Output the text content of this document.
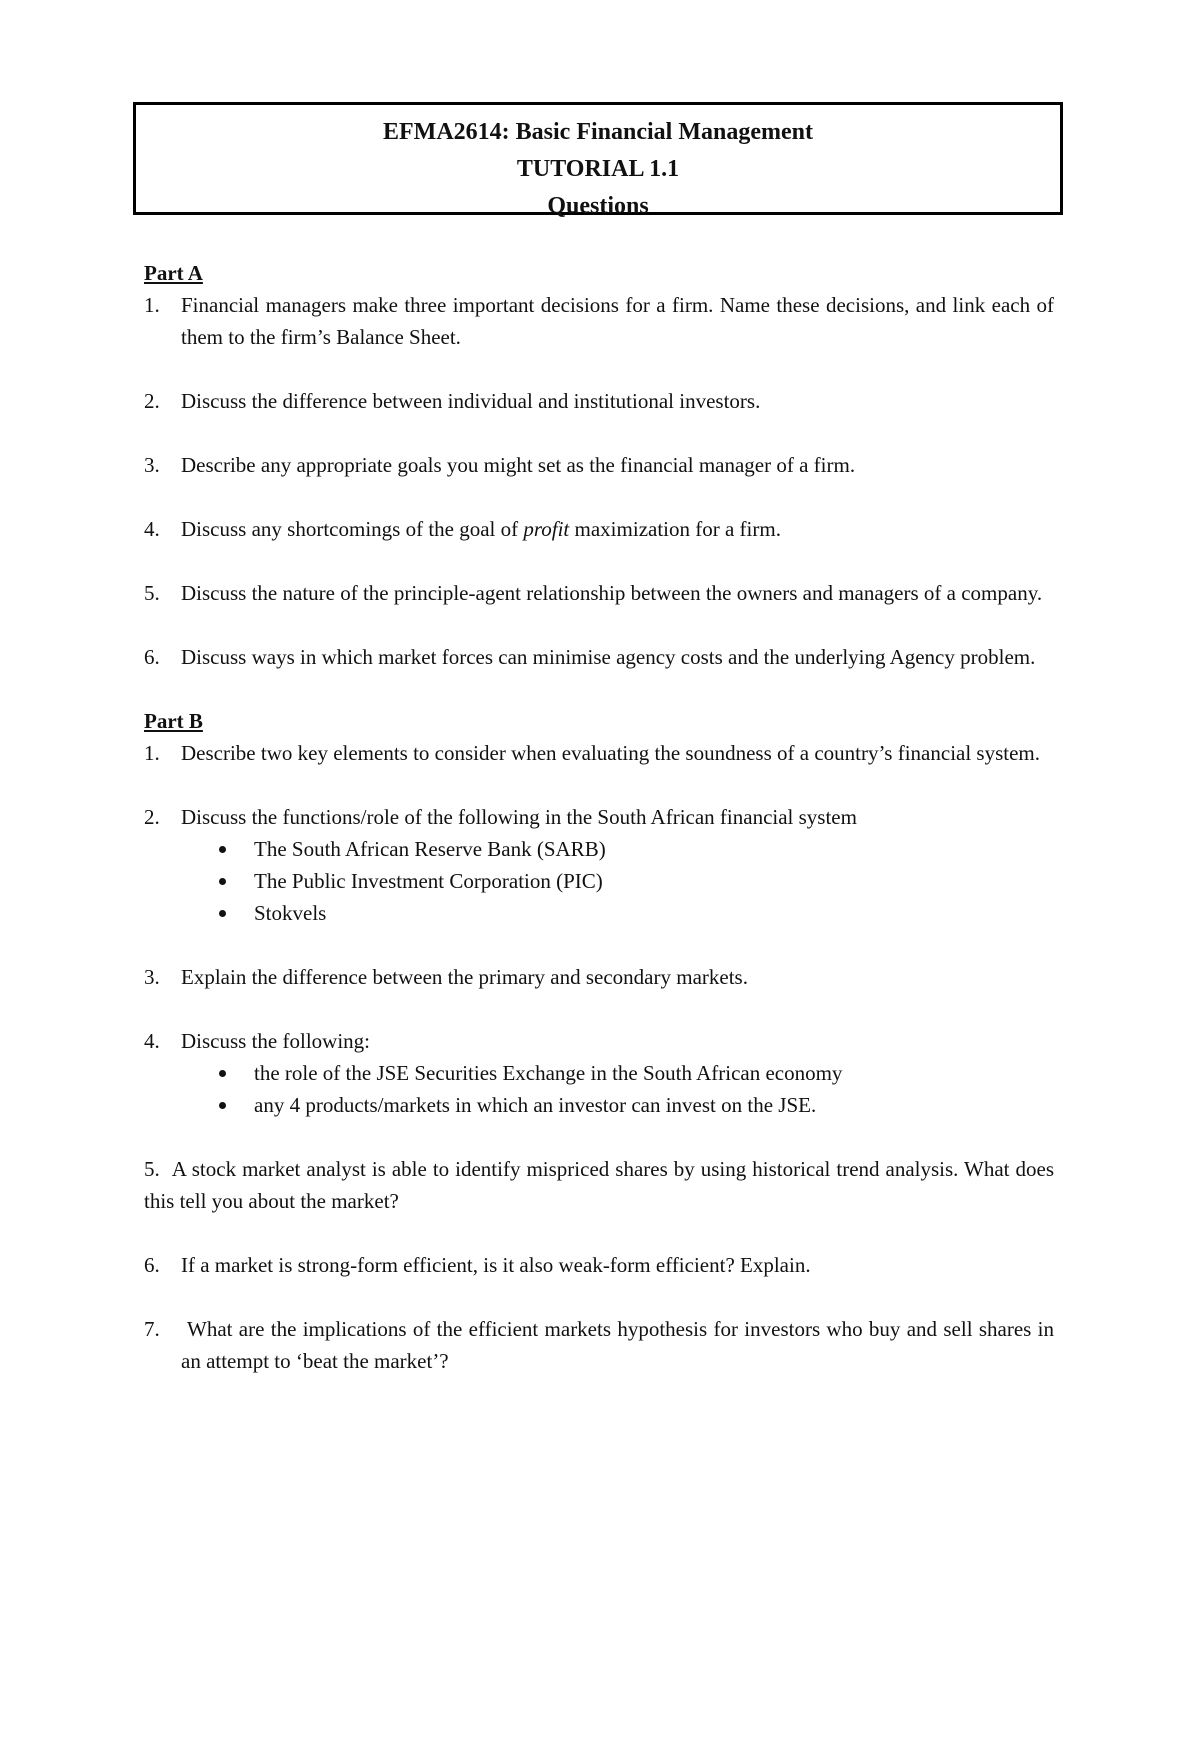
EFMA2614: Basic Financial Management
TUTORIAL 1.1
Questions

Part A

1. Financial managers make three important decisions for a firm. Name these decisions, and link each of them to the firm’s Balance Sheet.
2. Discuss the difference between individual and institutional investors.
3. Describe any appropriate goals you might set as the financial manager of a firm.
4. Discuss any shortcomings of the goal of profit maximization for a firm.
5. Discuss the nature of the principle-agent relationship between the owners and managers of a company.
6. Discuss ways in which market forces can minimise agency costs and the underlying Agency problem.

Part B

1. Describe two key elements to consider when evaluating the soundness of a country’s financial system.
2. Discuss the functions/role of the following in the South African financial system
The South African Reserve Bank (SARB)
The Public Investment Corporation (PIC)
Stokvels
3. Explain the difference between the primary and secondary markets.
4. Discuss the following:
the role of the JSE Securities Exchange in the South African economy
any 4 products/markets in which an investor can invest on the JSE.
5. A stock market analyst is able to identify mispriced shares by using historical trend analysis. What does this tell you about the market?
6. If a market is strong-form efficient, is it also weak-form efficient? Explain.
7. What are the implications of the efficient markets hypothesis for investors who buy and sell shares in an attempt to ‘beat the market’?
